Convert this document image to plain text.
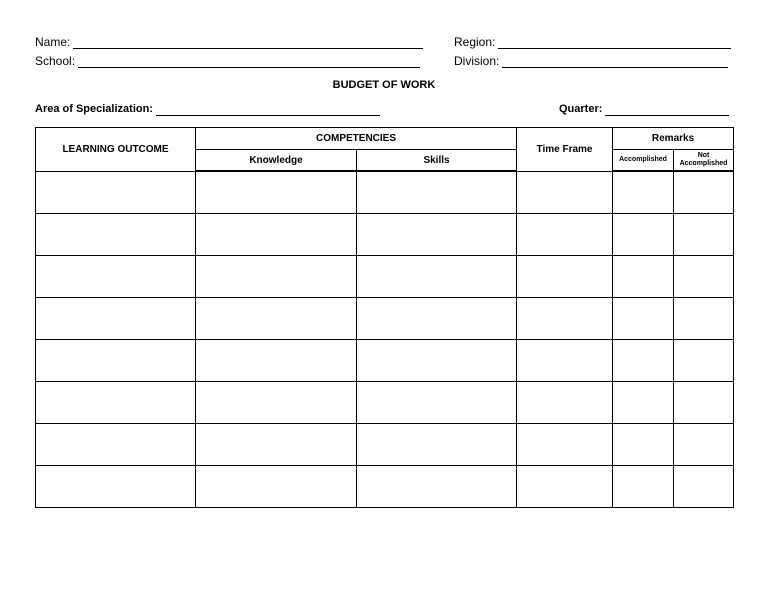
Name:	Region:
School:	Division:
BUDGET OF WORK
Area of Specialization:	Quarter:
LEARNING OUTCOME	COMPETENCIES		Time Frame	Remarks	
	Knowledge	Skills		Accomplished	Not Accomplished
